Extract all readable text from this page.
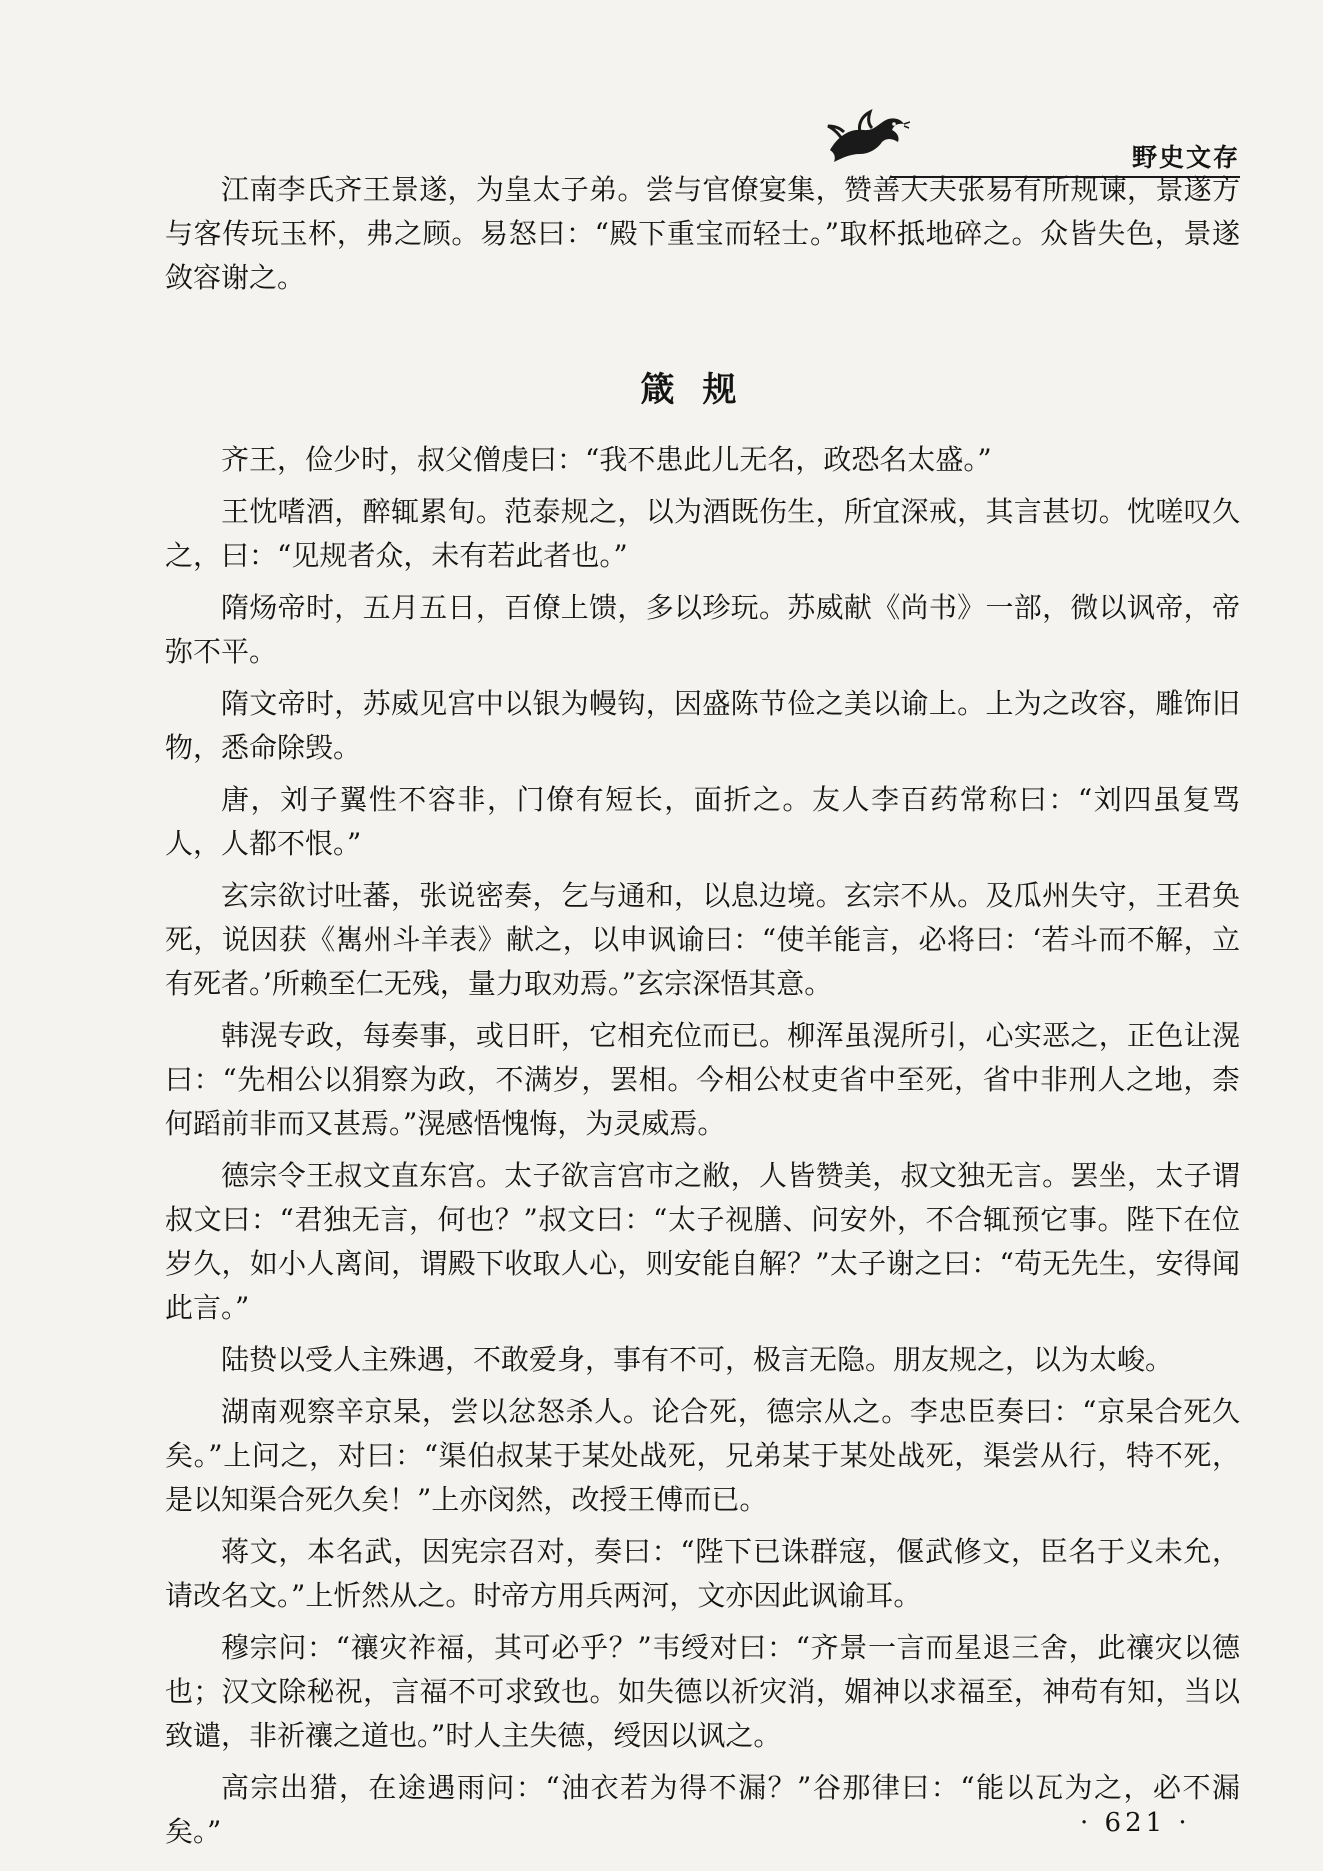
野史文存

江南李氏齐王景遂，为皇太子弟。尝与官僚宴集，赞善大夫张易有所规谏，景遂方与客传玩玉杯，弗之顾。易怒曰：“殿下重宝而轻士。”取杯抵地碎之。众皆失色，景遂敛容谢之。

箴规

齐王，俭少时，叔父僧虔曰：“我不患此儿无名，政恐名太盛。”

王忱嗜酒，醉辄累旬。范泰规之，以为酒既伤生，所宜深戒，其言甚切。忱嗟叹久之，曰：“见规者众，未有若此者也。”

隋炀帝时，五月五日，百僚上馈，多以珍玩。苏威献《尚书》一部，微以讽帝，帝弥不平。

隋文帝时，苏威见宫中以银为幔钩，因盛陈节俭之美以谕上。上为之改容，雕饰旧物，悉命除毁。

唐，刘子翼性不容非，门僚有短长，面折之。友人李百药常称曰：“刘四虽复骂人，人都不恨。”

玄宗欲讨吐蕃，张说密奏，乞与通和，以息边境。玄宗不从。及瓜州失守，王君奂死，说因获《嶲州斗羊表》献之，以申讽谕曰：“使羊能言，必将曰：‘若斗而不解，立有死者。’所赖至仁无残，量力取劝焉。”玄宗深悟其意。

韩滉专政，每奏事，或日旰，它相充位而已。柳浑虽滉所引，心实恶之，正色让滉曰：“先相公以狷察为政，不满岁，罢相。今相公杖吏省中至死，省中非刑人之地，柰何蹈前非而又甚焉。”滉感悟愧悔，为灵威焉。

德宗令王叔文直东宫。太子欲言宫市之敝，人皆赞美，叔文独无言。罢坐，太子谓叔文曰：“君独无言，何也？”叔文曰：“太子视膳、问安外，不合辄预它事。陛下在位岁久，如小人离间，谓殿下收取人心，则安能自解？”太子谢之曰：“苟无先生，安得闻此言。”

陆贽以受人主殊遇，不敢爱身，事有不可，极言无隐。朋友规之，以为太峻。

湖南观察辛京杲，尝以忿怒杀人。论合死，德宗从之。李忠臣奏曰：“京杲合死久矣。”上问之，对曰：“渠伯叔某于某处战死，兄弟某于某处战死，渠尝从行，特不死，是以知渠合死久矣！”上亦闵然，改授王傅而已。

蒋文，本名武，因宪宗召对，奏曰：“陛下已诛群寇，偃武修文，臣名于义未允，请改名文。”上忻然从之。时帝方用兵两河，文亦因此讽谕耳。

穆宗问：“禳灾祚福，其可必乎？”韦绶对曰：“齐景一言而星退三舍，此禳灾以德也；汉文除秘祝，言福不可求致也。如失德以祈灾消，媚神以求福至，神苟有知，当以致谴，非祈禳之道也。”时人主失德，绶因以讽之。

高宗出猎，在途遇雨问：“油衣若为得不漏？”谷那律曰：“能以瓦为之，必不漏矣。”	· 621 ·
